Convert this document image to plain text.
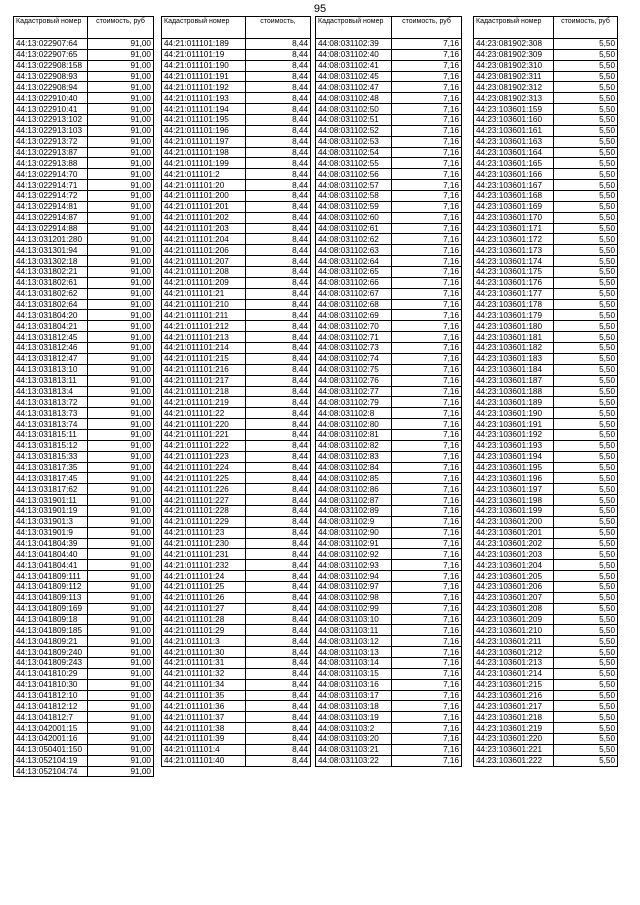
95
Кадастровый номер	стоимость, руб
44:13:022907:64	91,00
44:13:022907:65	91,00
44:13:022908:158	91,00
44:13:022908:93	91,00
44:13:022908:94	91,00
44:13:022910:40	91,00
44:13:022910:41	91,00
44:13:022913:102	91,00
44:13:022913:103	91,00
44:13:022913:72	91,00
44:13:022913:87	91,00
44:13:022913:88	91,00
44:13:022914:70	91,00
44:13:022914:71	91,00
44:13:022914:72	91,00
44:13:022914:81	91,00
44:13:022914:87	91,00
44:13:022914:88	91,00
44:13:031201:280	91,00
44:13:031301:94	91,00
44:13:031302:18	91,00
44:13:031802:21	91,00
44:13:031802:61	91,00
44:13:031802:62	91,00
44:13:031802:64	91,00
44:13:031804:20	91,00
44:13:031804:21	91,00
44:13:031812:45	91,00
44:13:031812:46	91,00
44:13:031812:47	91,00
44:13:031813:10	91,00
44:13:031813:11	91,00
44:13:031813:4	91,00
44:13:031813:72	91,00
44:13:031813:73	91,00
44:13:031813:74	91,00
44:13:031815:11	91,00
44:13:031815:12	91,00
44:13:031815:33	91,00
44:13:031817:35	91,00
44:13:031817:45	91,00
44:13:031817:62	91,00
44:13:031901:11	91,00
44:13:031901:19	91,00
44:13:031901:3	91,00
44:13:031901:9	91,00
44:13:041804:39	91,00
44:13:041804:40	91,00
44:13:041804:41	91,00
44:13:041809:111	91,00
44:13:041809:112	91,00
44:13:041809:113	91,00
44:13:041809:169	91,00
44:13:041809:18	91,00
44:13:041809:185	91,00
44:13:041809:21	91,00
44:13:041809:240	91,00
44:13:041809:243	91,00
44:13:041810:29	91,00
44:13:041810:30	91,00
44:13:041812:10	91,00
44:13:041812:12	91,00
44:13:041812:7	91,00
44:13:042001:15	91,00
44:13:042001:16	91,00
44:13:050401:150	91,00
44:13:052104:19	91,00
44:13:052104:74	91,00
Кадастровый номер	стоимость,
44:21:011101:189	8,44
44:21:011101:19	8,44
44:21:011101:190	8,44
44:21:011101:191	8,44
44:21:011101:192	8,44
44:21:011101:193	8,44
44:21:011101:194	8,44
44:21:011101:195	8,44
44:21:011101:196	8,44
44:21:011101:197	8,44
44:21:011101:198	8,44
44:21:011101:199	8,44
44:21:011101:2	8,44
44:21:011101:20	8,44
44:21:011101:200	8,44
44:21:011101:201	8,44
44:21:011101:202	8,44
44:21:011101:203	8,44
44:21:011101:204	8,44
44:21:011101:206	8,44
44:21:011101:207	8,44
44:21:011101:208	8,44
44:21:011101:209	8,44
44:21:011101:21	8,44
44:21:011101:210	8,44
44:21:011101:211	8,44
44:21:011101:212	8,44
44:21:011101:213	8,44
44:21:011101:214	8,44
44:21:011101:215	8,44
44:21:011101:216	8,44
44:21:011101:217	8,44
44:21:011101:218	8,44
44:21:011101:219	8,44
44:21:011101:22	8,44
44:21:011101:220	8,44
44:21:011101:221	8,44
44:21:011101:222	8,44
44:21:011101:223	8,44
44:21:011101:224	8,44
44:21:011101:225	8,44
44:21:011101:226	8,44
44:21:011101:227	8,44
44:21:011101:228	8,44
44:21:011101:229	8,44
44:21:011101:23	8,44
44:21:011101:230	8,44
44:21:011101:231	8,44
44:21:011101:232	8,44
44:21:011101:24	8,44
44:21:011101:25	8,44
44:21:011101:26	8,44
44:21:011101:27	8,44
44:21:011101:28	8,44
44:21:011101:29	8,44
44:21:011101:3	8,44
44:21:011101:30	8,44
44:21:011101:31	8,44
44:21:011101:32	8,44
44:21:011101:34	8,44
44:21:011101:35	8,44
44:21:011101:36	8,44
44:21:011101:37	8,44
44:21:011101:38	8,44
44:21:011101:39	8,44
44:21:011101:4	8,44
44:21:011101:40	8,44
Кадастровый номер	стоимость, руб
44:08:031102:39	7,16
44:08:031102:40	7,16
44:08:031102:41	7,16
44:08:031102:45	7,16
44:08:031102:47	7,16
44:08:031102:48	7,16
44:08:031102:50	7,16
44:08:031102:51	7,16
44:08:031102:52	7,16
44:08:031102:53	7,16
44:08:031102:54	7,16
44:08:031102:55	7,16
44:08:031102:56	7,16
44:08:031102:57	7,16
44:08:031102:58	7,16
44:08:031102:59	7,16
44:08:031102:60	7,16
44:08:031102:61	7,16
44:08:031102:62	7,16
44:08:031102:63	7,16
44:08:031102:64	7,16
44:08:031102:65	7,16
44:08:031102:66	7,16
44:08:031102:67	7,16
44:08:031102:68	7,16
44:08:031102:69	7,16
44:08:031102:70	7,16
44:08:031102:71	7,16
44:08:031102:73	7,16
44:08:031102:74	7,16
44:08:031102:75	7,16
44:08:031102:76	7,16
44:08:031102:77	7,16
44:08:031102:79	7,16
44:08:031102:8	7,16
44:08:031102:80	7,16
44:08:031102:81	7,16
44:08:031102:82	7,16
44:08:031102:83	7,16
44:08:031102:84	7,16
44:08:031102:85	7,16
44:08:031102:86	7,16
44:08:031102:87	7,16
44:08:031102:89	7,16
44:08:031102:9	7,16
44:08:031102:90	7,16
44:08:031102:91	7,16
44:08:031102:92	7,16
44:08:031102:93	7,16
44:08:031102:94	7,16
44:08:031102:97	7,16
44:08:031102:98	7,16
44:08:031102:99	7,16
44:08:031103:10	7,16
44:08:031103:11	7,16
44:08:031103:12	7,16
44:08:031103:13	7,16
44:08:031103:14	7,16
44:08:031103:15	7,16
44:08:031103:16	7,16
44:08:031103:17	7,16
44:08:031103:18	7,16
44:08:031103:19	7,16
44:08:031103:2	7,16
44:08:031103:20	7,16
44:08:031103:21	7,16
44:08:031103:22	7,16
Кадастровый номер	стоимость, руб
44:23:081902:308	5,50
44:23:081902:309	5,50
44:23:081902:310	5,50
44:23:081902:311	5,50
44:23:081902:312	5,50
44:23:081902:313	5,50
44:23:103601:159	5,50
44:23:103601:160	5,50
44:23:103601:161	5,50
44:23:103601:163	5,50
44:23:103601:164	5,50
44:23:103601:165	5,50
44:23:103601:166	5,50
44:23:103601:167	5,50
44:23:103601:168	5,50
44:23:103601:169	5,50
44:23:103601:170	5,50
44:23:103601:171	5,50
44:23:103601:172	5,50
44:23:103601:173	5,50
44:23:103601:174	5,50
44:23:103601:175	5,50
44:23:103601:176	5,50
44:23:103601:177	5,50
44:23:103601:178	5,50
44:23:103601:179	5,50
44:23:103601:180	5,50
44:23:103601:181	5,50
44:23:103601:182	5,50
44:23:103601:183	5,50
44:23:103601:184	5,50
44:23:103601:187	5,50
44:23:103601:188	5,50
44:23:103601:189	5,50
44:23:103601:190	5,50
44:23:103601:191	5,50
44:23:103601:192	5,50
44:23:103601:193	5,50
44:23:103601:194	5,50
44:23:103601:195	5,50
44:23:103601:196	5,50
44:23:103601:197	5,50
44:23:103601:198	5,50
44:23:103601:199	5,50
44:23:103601:200	5,50
44:23:103601:201	5,50
44:23:103601:202	5,50
44:23:103601:203	5,50
44:23:103601:204	5,50
44:23:103601:205	5,50
44:23:103601:206	5,50
44:23:103601:207	5,50
44:23:103601:208	5,50
44:23:103601:209	5,50
44:23:103601:210	5,50
44:23:103601:211	5,50
44:23:103601:212	5,50
44:23:103601:213	5,50
44:23:103601:214	5,50
44:23:103601:215	5,50
44:23:103601:216	5,50
44:23:103601:217	5,50
44:23:103601:218	5,50
44:23:103601:219	5,50
44:23:103601:220	5,50
44:23:103601:221	5,50
44:23:103601:222	5,50
